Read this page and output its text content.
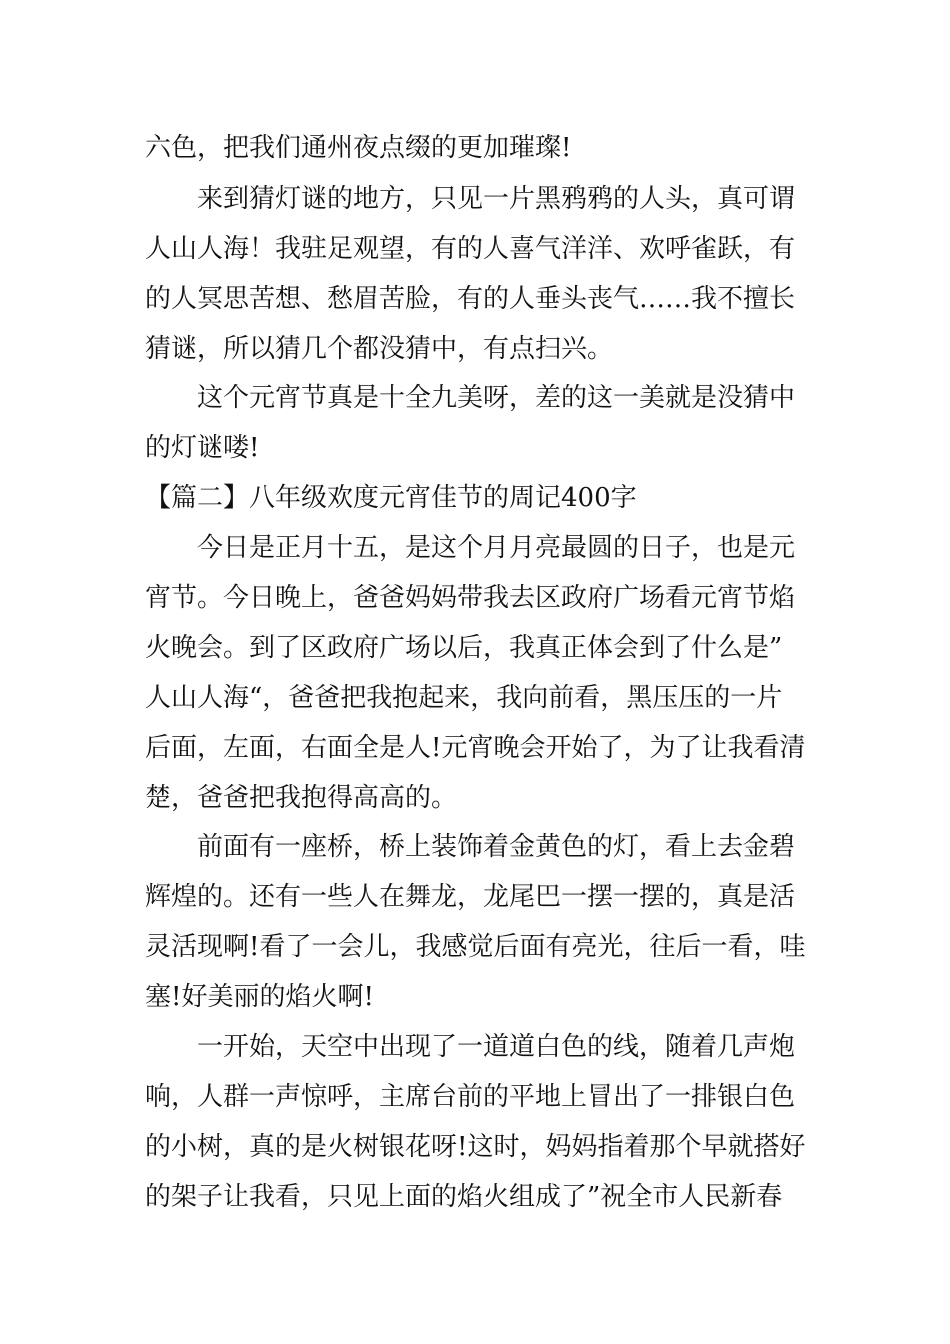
六色，把我们通州夜点缀的更加璀璨!
来到猜灯谜的地方，只见一片黑鸦鸦的人头，真可谓
人山人海！我驻足观望，有的人喜气洋洋、欢呼雀跃，有
的人冥思苦想、愁眉苦脸，有的人垂头丧气……我不擅长
猜谜，所以猜几个都没猜中，有点扫兴。
这个元宵节真是十全九美呀，差的这一美就是没猜中
的灯谜喽!
【篇二】八年级欢度元宵佳节的周记400字
今日是正月十五，是这个月月亮最圆的日子，也是元
宵节。今日晚上，爸爸妈妈带我去区政府广场看元宵节焰
火晚会。到了区政府广场以后，我真正体会到了什么是”
人山人海“，爸爸把我抱起来，我向前看，黑压压的一片
后面，左面，右面全是人!元宵晚会开始了，为了让我看清
楚，爸爸把我抱得高高的。
前面有一座桥，桥上装饰着金黄色的灯，看上去金碧
辉煌的。还有一些人在舞龙，龙尾巴一摆一摆的，真是活
灵活现啊!看了一会儿，我感觉后面有亮光，往后一看，哇
塞!好美丽的焰火啊!
一开始，天空中出现了一道道白色的线，随着几声炮
响，人群一声惊呼，主席台前的平地上冒出了一排银白色
的小树，真的是火树银花呀!这时，妈妈指着那个早就搭好
的架子让我看，只见上面的焰火组成了”祝全市人民新春
